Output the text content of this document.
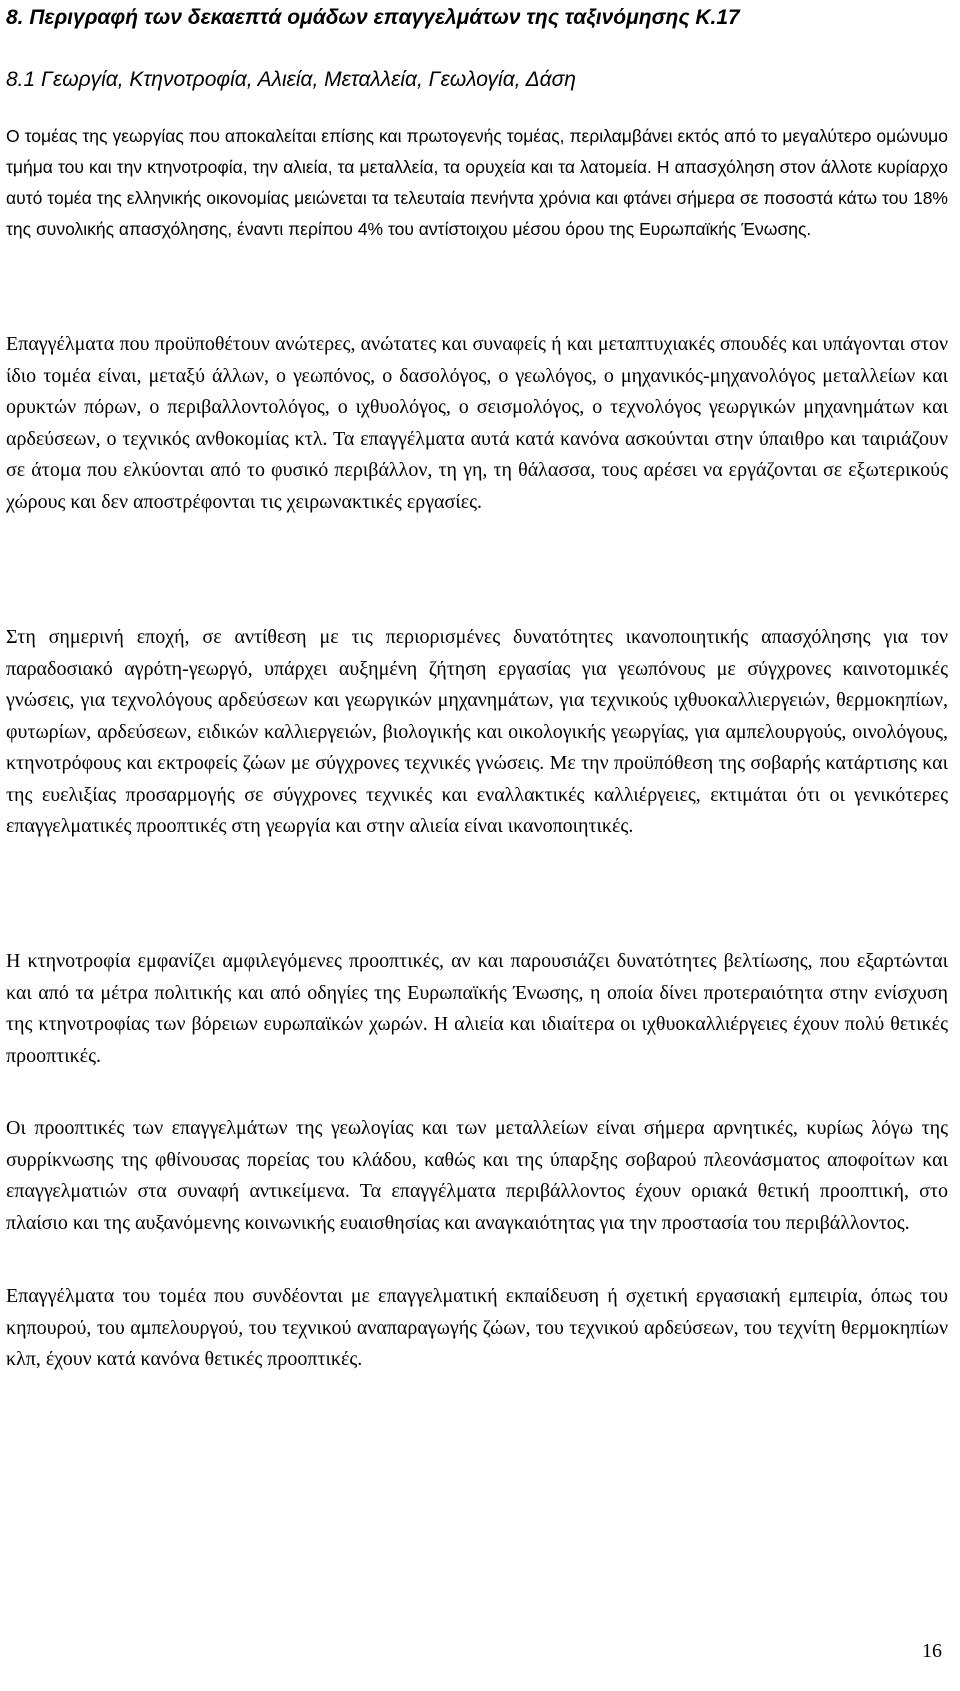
8. Περιγραφή των δεκαεπτά ομάδων επαγγελμάτων της ταξινόμησης Κ.17
8.1 Γεωργία, Κτηνοτροφία, Αλιεία, Μεταλλεία, Γεωλογία, Δάση

Ο τομέας της γεωργίας που αποκαλείται επίσης και πρωτογενής τομέας, περιλαμβάνει εκτός από το μεγαλύτερο ομώνυμο τμήμα του και την κτηνοτροφία, την αλιεία, τα μεταλλεία, τα ορυχεία και τα λατομεία. Η απασχόληση στον άλλοτε κυρίαρχο αυτό τομέα της ελληνικής οικονομίας μειώνεται τα τελευταία πενήντα χρόνια και φτάνει σήμερα σε ποσοστά κάτω του 18% της συνολικής απασχόλησης, έναντι περίπου 4% του αντίστοιχου μέσου όρου της Ευρωπαϊκής Ένωσης.

Επαγγέλματα που προϋποθέτουν ανώτερες, ανώτατες και συναφείς ή και μεταπτυχιακές σπουδές και υπάγονται στον ίδιο τομέα είναι, μεταξύ άλλων, ο γεωπόνος, ο δασολόγος, ο γεωλόγος, ο μηχανικός-μηχανολόγος μεταλλείων και ορυκτών πόρων, ο περιβαλλοντολόγος, ο ιχθυολόγος, ο σεισμολόγος, ο τεχνολόγος γεωργικών μηχανημάτων και αρδεύσεων, ο τεχνικός ανθοκομίας κτλ. Τα επαγγέλματα αυτά κατά κανόνα ασκούνται στην ύπαιθρο και ταιριάζουν σε άτομα που ελκύονται από το φυσικό περιβάλλον, τη γη, τη θάλασσα, τους αρέσει να εργάζονται σε εξωτερικούς χώρους και δεν αποστρέφονται τις χειρωνακτικές εργασίες.

Στη σημερινή εποχή, σε αντίθεση με τις περιορισμένες δυνατότητες ικανοποιητικής απασχόλησης για τον παραδοσιακό αγρότη-γεωργό, υπάρχει αυξημένη ζήτηση εργασίας για γεωπόνους με σύγχρονες καινοτομικές γνώσεις, για τεχνολόγους αρδεύσεων και γεωργικών μηχανημάτων, για τεχνικούς ιχθυοκαλλιεργειών, θερμοκηπίων, φυτωρίων, αρδεύσεων, ειδικών καλλιεργειών, βιολογικής και οικολογικής γεωργίας, για αμπελουργούς, οινολόγους, κτηνοτρόφους και εκτροφείς ζώων με σύγχρονες τεχνικές γνώσεις. Με την προϋπόθεση της σοβαρής κατάρτισης και της ευελιξίας προσαρμογής σε σύγχρονες τεχνικές και εναλλακτικές καλλιέργειες, εκτιμάται ότι οι γενικότερες επαγγελματικές προοπτικές στη γεωργία και στην αλιεία είναι ικανοποιητικές.

Η κτηνοτροφία εμφανίζει αμφιλεγόμενες προοπτικές, αν και παρουσιάζει δυνατότητες βελτίωσης, που εξαρτώνται και από τα μέτρα πολιτικής και από οδηγίες της Ευρωπαϊκής Ένωσης, η οποία δίνει προτεραιότητα στην ενίσχυση της κτηνοτροφίας των βόρειων ευρωπαϊκών χωρών. Η αλιεία και ιδιαίτερα οι ιχθυοκαλλιέργειες έχουν πολύ θετικές προοπτικές.

Οι προοπτικές των επαγγελμάτων της γεωλογίας και των μεταλλείων είναι σήμερα αρνητικές, κυρίως λόγω της συρρίκνωσης της φθίνουσας πορείας του κλάδου, καθώς και της ύπαρξης σοβαρού πλεονάσματος αποφοίτων και επαγγελματιών στα συναφή αντικείμενα. Τα επαγγέλματα περιβάλλοντος έχουν οριακά θετική προοπτική, στο πλαίσιο και της αυξανόμενης κοινωνικής ευαισθησίας και αναγκαιότητας για την προστασία του περιβάλλοντος.

Επαγγέλματα του τομέα που συνδέονται με επαγγελματική εκπαίδευση ή σχετική εργασιακή εμπειρία, όπως του κηπουρού, του αμπελουργού, του τεχνικού αναπαραγωγής ζώων, του τεχνικού αρδεύσεων, του τεχνίτη θερμοκηπίων κλπ, έχουν κατά κανόνα θετικές προοπτικές.

16
